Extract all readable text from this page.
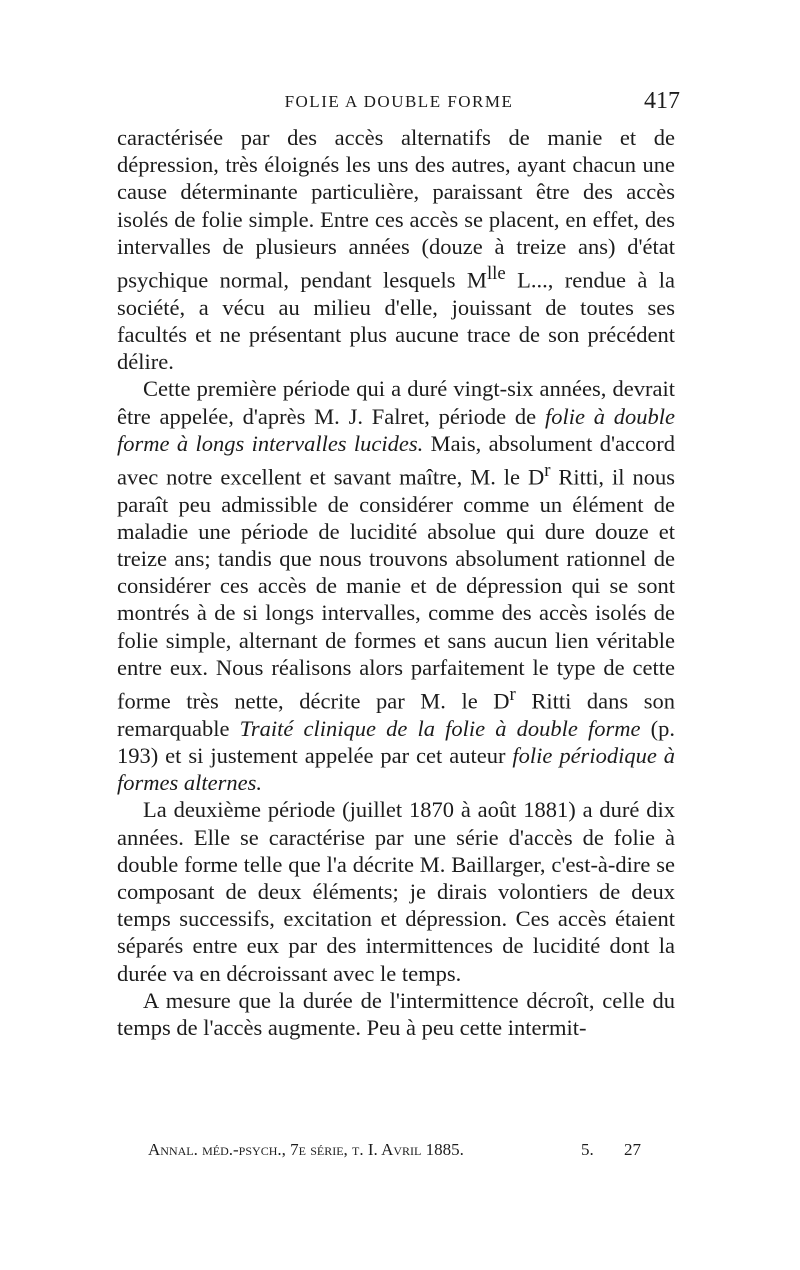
FOLIE A DOUBLE FORME	417

caractérisée par des accès alternatifs de manie et de dépression, très éloignés les uns des autres, ayant chacun une cause déterminante particulière, paraissant être des accès isolés de folie simple. Entre ces accès se placent, en effet, des intervalles de plusieurs années (douze à treize ans) d'état psychique normal, pendant lesquels $M^{lle}$ L..., rendue à la société, a vécu au milieu d'elle, jouissant de toutes ses facultés et ne présentant plus aucune trace de son précédent délire.

Cette première période qui a duré vingt-six années, devrait être appelée, d'après M. J. Falret, période de folie à double forme à longs intervalles lucides. Mais, absolument d'accord avec notre excellent et savant maître, M. le $D^r$ Ritti, il nous paraît peu admissible de considérer comme un élément de maladie une période de lucidité absolue qui dure douze et treize ans; tandis que nous trouvons absolument rationnel de considérer ces accès de manie et de dépression qui se sont montrés à de si longs intervalles, comme des accès isolés de folie simple, alternant de formes et sans aucun lien véritable entre eux. Nous réalisons alors parfaitement le type de cette forme très nette, décrite par M. le $D^r$ Ritti dans son remarquable Traité clinique de la folie à double forme (p. 193) et si justement appelée par cet auteur folie périodique à formes alternes.

La deuxième période (juillet 1870 à août 1881) a duré dix années. Elle se caractérise par une série d'accès de folie à double forme telle que l'a décrite M. Baillarger, c'est-à-dire se composant de deux éléments; je dirais volontiers de deux temps successifs, excitation et dépression. Ces accès étaient séparés entre eux par des intermittences de lucidité dont la durée va en décroissant avec le temps.

A mesure que la durée de l'intermittence décroît, celle du temps de l'accès augmente. Peu à peu cette intermit-

Annal. méd.-psych., 7e série, t. I. Avril 1885.	5. 27
